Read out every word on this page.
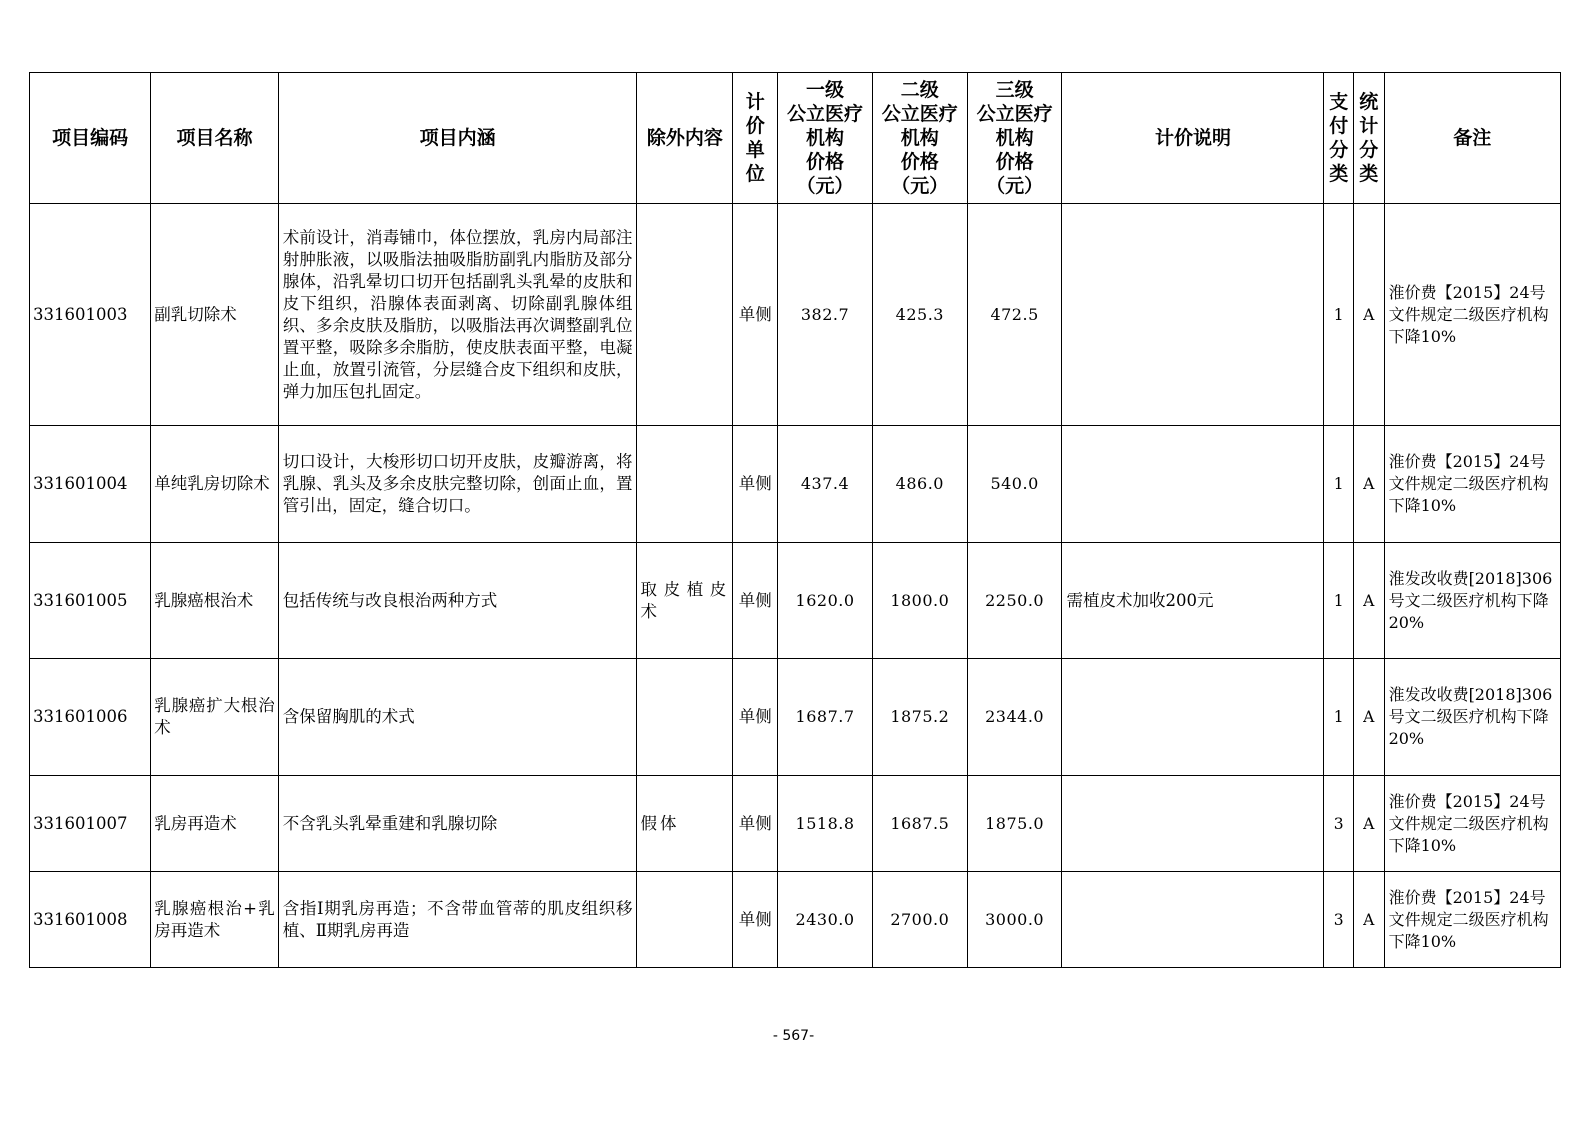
项目编码	项目名称	项目内涵	除外内容	计价单位	一级
公立医疗
机构
价格
（元）	二级
公立医疗
机构
价格
（元）	三级
公立医疗
机构
价格
（元）	计价说明	支付分类	统计分类	备注
331601003	副乳切除术	术前设计，消毒铺巾，体位摆放，乳房内局部注射肿胀液，以吸脂法抽吸脂肪副乳内脂肪及部分腺体，沿乳晕切口切开包括副乳头乳晕的皮肤和皮下组织，沿腺体表面剥离、切除副乳腺体组织、多余皮肤及脂肪，以吸脂法再次调整副乳位置平整，吸除多余脂肪，使皮肤表面平整，电凝止血，放置引流管，分层缝合皮下组织和皮肤，弹力加压包扎固定。		单侧	382.7	425.3	472.5		1	A	淮价费【2015】24号文件规定二级医疗机构下降10%
331601004	单纯乳房切除术	切口设计，大梭形切口切开皮肤，皮瓣游离，将乳腺、乳头及多余皮肤完整切除，创面止血，置管引出，固定，缝合切口。		单侧	437.4	486.0	540.0		1	A	淮价费【2015】24号文件规定二级医疗机构下降10%
331601005	乳腺癌根治术	包括传统与改良根治两种方式	取皮植皮术	单侧	1620.0	1800.0	2250.0	需植皮术加收200元	1	A	淮发改收费[2018]306号文二级医疗机构下降20%
331601006	乳腺癌扩大根治术	含保留胸肌的术式		单侧	1687.7	1875.2	2344.0		1	A	淮发改收费[2018]306号文二级医疗机构下降20%
331601007	乳房再造术	不含乳头乳晕重建和乳腺切除	假体	单侧	1518.8	1687.5	1875.0		3	A	淮价费【2015】24号文件规定二级医疗机构下降10%
331601008	乳腺癌根治+乳房再造术	含指Ⅰ期乳房再造；不含带血管蒂的肌皮组织移植、Ⅱ期乳房再造		单侧	2430.0	2700.0	3000.0		3	A	淮价费【2015】24号文件规定二级医疗机构下降10%
- 567-
